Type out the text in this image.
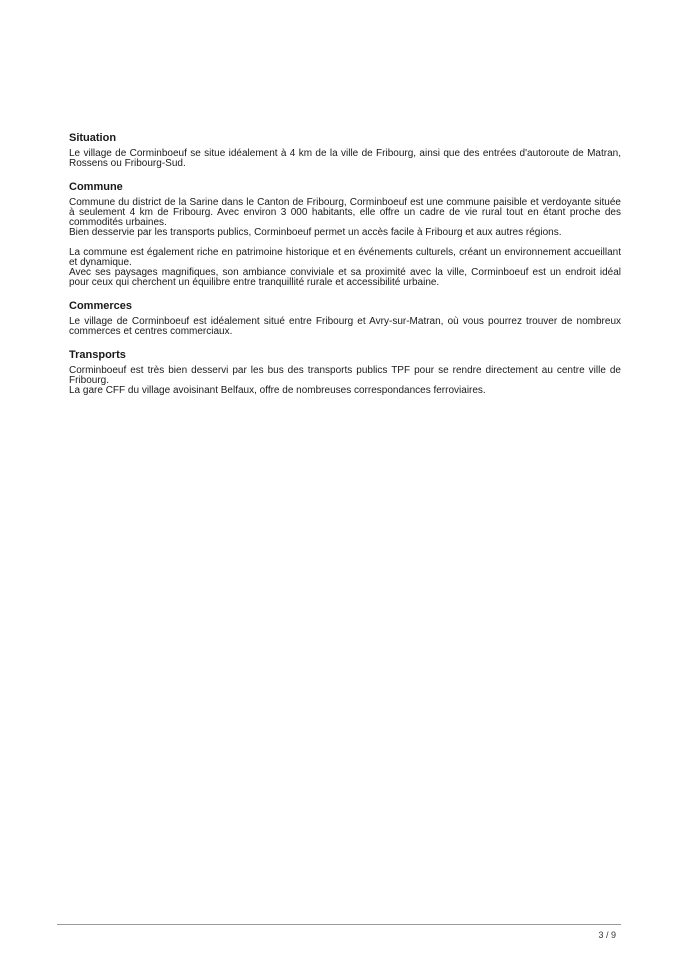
Situation

Le village de Corminboeuf se situe idéalement à 4 km de la ville de Fribourg, ainsi que des entrées d'autoroute de Matran, Rossens ou Fribourg-Sud.

Commune

Commune du district de la Sarine dans le Canton de Fribourg, Corminboeuf est une commune paisible et verdoyante située à seulement 4 km de Fribourg. Avec environ 3 000 habitants, elle offre un cadre de vie rural tout en étant proche des commodités urbaines.

Bien desservie par les transports publics, Corminboeuf permet un accès facile à Fribourg et aux autres régions.

La commune est également riche en patrimoine historique et en événements culturels, créant un environnement accueillant et dynamique.

Avec ses paysages magnifiques, son ambiance conviviale et sa proximité avec la ville, Corminboeuf est un endroit idéal pour ceux qui cherchent un équilibre entre tranquillité rurale et accessibilité urbaine.

Commerces

Le village de Corminboeuf est idéalement situé entre Fribourg et Avry-sur-Matran, où vous pourrez trouver de nombreux commerces et centres commerciaux.

Transports

Corminboeuf est très bien desservi par les bus des transports publics TPF pour se rendre directement au centre ville de Fribourg.

La gare CFF du village avoisinant Belfaux, offre de nombreuses correspondances ferroviaires.

3 / 9
